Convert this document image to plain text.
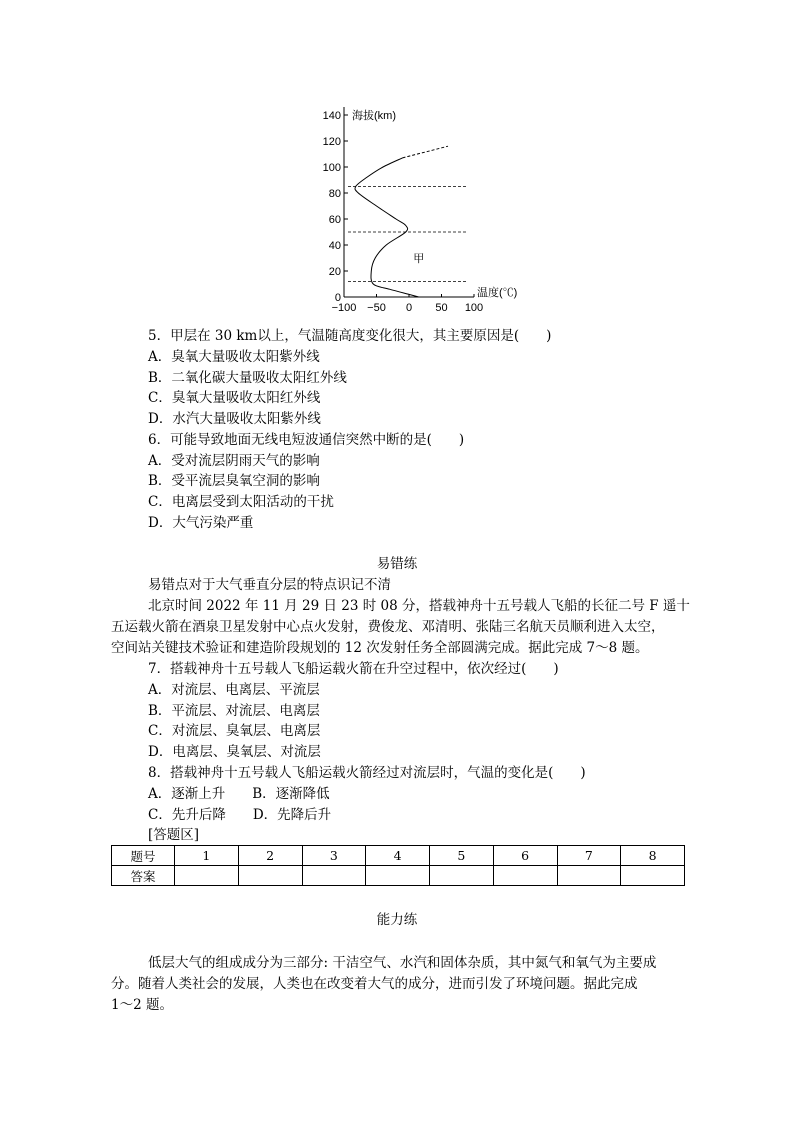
0
20
40
60
80
100
120
140
−100 −50 0 50 100
海拔(km)
温度(℃)
甲
5．甲层在 30 km以上，气温随高度变化很大，其主要原因是(　　)
A．臭氧大量吸收太阳紫外线
B．二氧化碳大量吸收太阳红外线
C．臭氧大量吸收太阳红外线
D．水汽大量吸收太阳紫外线
6．可能导致地面无线电短波通信突然中断的是(　　)
A．受对流层阴雨天气的影响
B．受平流层臭氧空洞的影响
C．电离层受到太阳活动的干扰
D．大气污染严重
易错练
易错点对于大气垂直分层的特点识记不清
北京时间 2022 年 11 月 29 日 23 时 08 分，搭载神舟十五号载人飞船的长征二号 F 遥十
五运载火箭在酒泉卫星发射中心点火发射，费俊龙、邓清明、张陆三名航天员顺利进入太空，
空间站关键技术验证和建造阶段规划的 12 次发射任务全部圆满完成。据此完成 7～8 题。
7．搭载神舟十五号载人飞船运载火箭在升空过程中，依次经过(　　)
A．对流层、电离层、平流层
B．平流层、对流层、电离层
C．对流层、臭氧层、电离层
D．电离层、臭氧层、对流层
8．搭载神舟十五号载人飞船运载火箭经过对流层时，气温的变化是(　　)
A．逐渐上升　　B．逐渐降低
C．先升后降　　D．先降后升
[答题区]
题号	1	2	3	4	5	6	7	8
答案								
能力练
低层大气的组成成分为三部分: 干洁空气、水汽和固体杂质，其中氮气和氧气为主要成
分。随着人类社会的发展，人类也在改变着大气的成分，进而引发了环境问题。据此完成
1～2 题。
